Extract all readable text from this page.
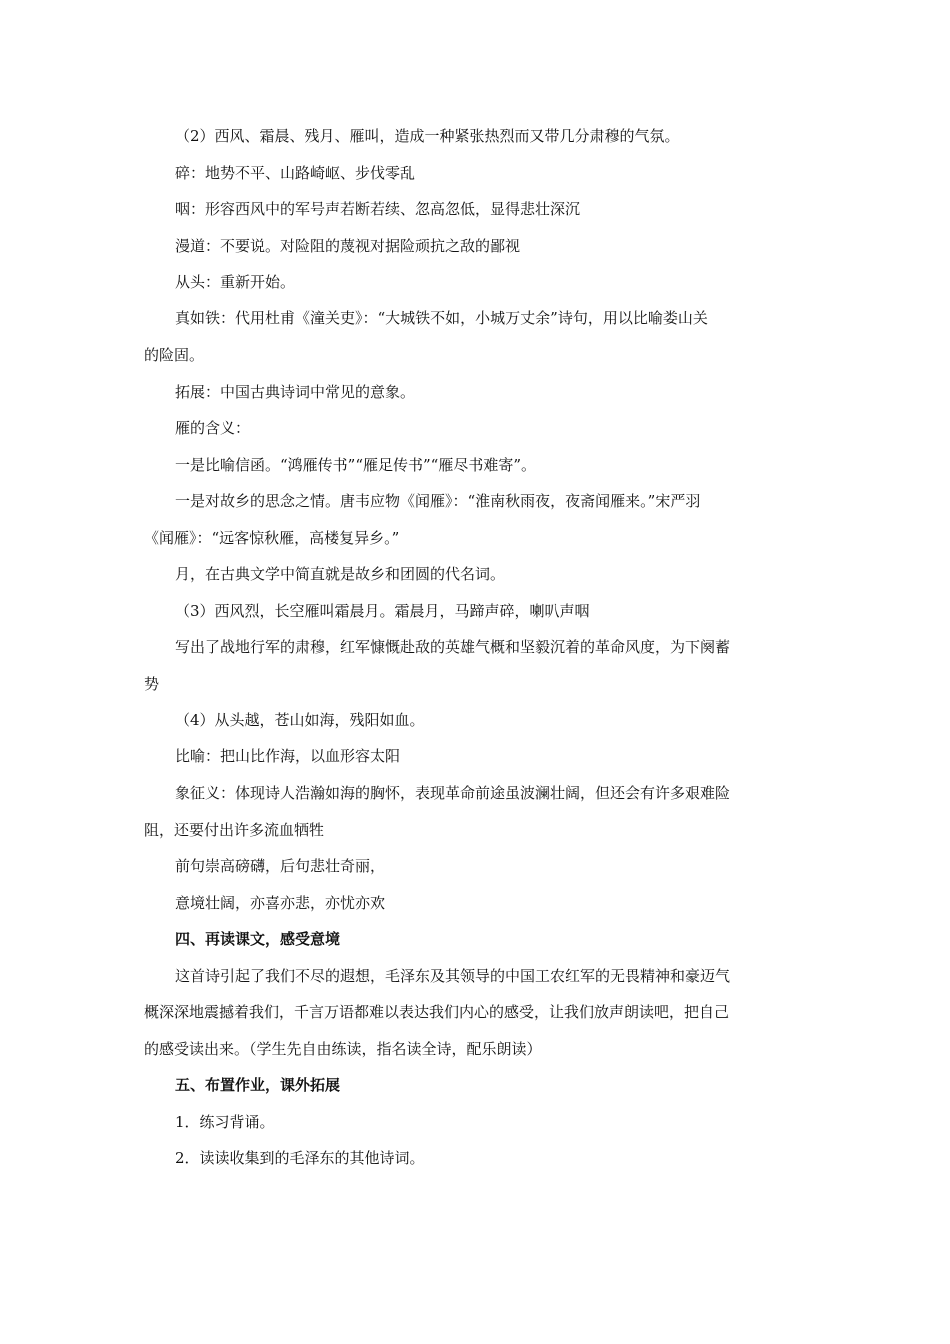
（2）西风、霜晨、残月、雁叫，造成一种紧张热烈而又带几分肃穆的气氛。
碎：地势不平、山路崎岖、步伐零乱
咽：形容西风中的军号声若断若续、忽高忽低，显得悲壮深沉
漫道：不要说。对险阻的蔑视对据险顽抗之敌的鄙视
从头：重新开始。
真如铁：代用杜甫《潼关吏》：“大城铁不如，小城万丈余”诗句，用以比喻娄山关
的险固。
拓展：中国古典诗词中常见的意象。
雁的含义：
一是比喻信函。“鸿雁传书”“雁足传书”“雁尽书难寄”。
一是对故乡的思念之情。唐韦应物《闻雁》：“淮南秋雨夜，夜斋闻雁来。”宋严羽
《闻雁》：“远客惊秋雁，高楼复异乡。”
月，在古典文学中简直就是故乡和团圆的代名词。
（3）西风烈，长空雁叫霜晨月。霜晨月，马蹄声碎，喇叭声咽
写出了战地行军的肃穆，红军慷慨赴敌的英雄气概和坚毅沉着的革命风度，为下阕蓄
势
（4）从头越，苍山如海，残阳如血。
比喻：把山比作海，以血形容太阳
象征义：体现诗人浩瀚如海的胸怀，表现革命前途虽波澜壮阔，但还会有许多艰难险
阻，还要付出许多流血牺牲
前句崇高磅礴，后句悲壮奇丽，
意境壮阔，亦喜亦悲，亦忧亦欢
四、再读课文，感受意境
这首诗引起了我们不尽的遐想，毛泽东及其领导的中国工农红军的无畏精神和豪迈气
概深深地震撼着我们，千言万语都难以表达我们内心的感受，让我们放声朗读吧，把自己
的感受读出来。（学生先自由练读，指名读全诗，配乐朗读）
五、布置作业，课外拓展
1．练习背诵。
2．读读收集到的毛泽东的其他诗词。
